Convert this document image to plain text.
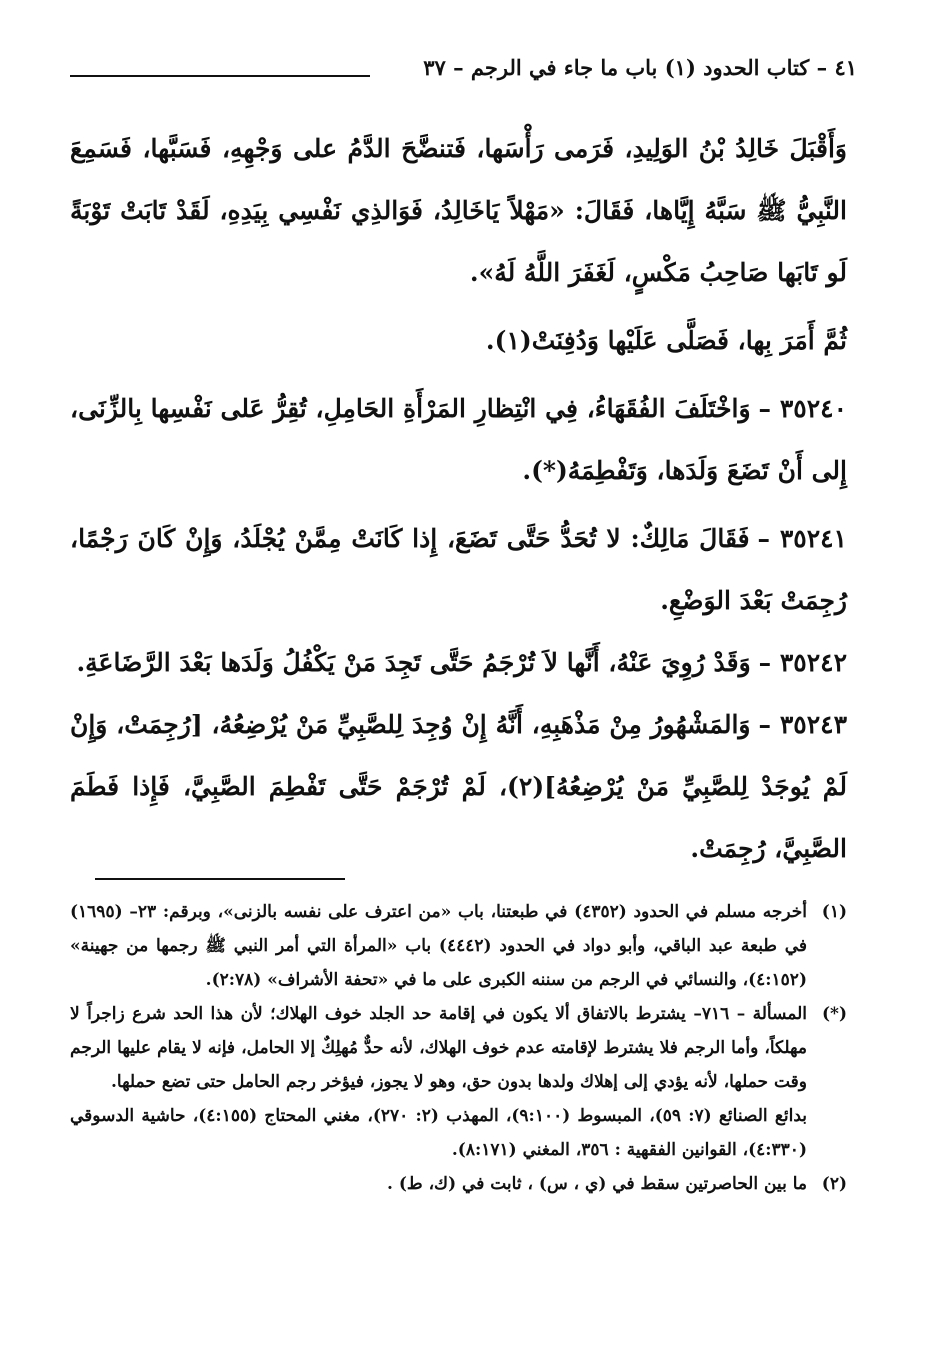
٤١ – كتاب الحدود (١) باب ما جاء في الرجم – ٣٧

وَأَقْبَلَ خَالِدُ بْنُ الوَلِيدِ، فَرَمى رَأْسَها، فَتنضَّحَ الدَّمُ على وَجْهِهِ، فَسَبَّها، فَسَمِعَ النَّبِيُّ ﷺ سَبَّهُ إِيَّاها، فَقَالَ: «مَهْلاً يَاخَالِدُ، فَوَالذِي نَفْسِي بِيَدِهِ، لَقَدْ تَابَتْ تَوْبَةً لَو تَابَها صَاحِبُ مَكْسٍ، لَغَفَرَ اللَّهُ لَهُ».

ثُمَّ أَمَرَ بِها، فَصَلَّى عَلَيْها وَدُفِنَتْ(١).

٣٥٢٤٠ –وَاخْتَلَفَ الفُقَهَاءُ، فِي انْتِظارِ المَرْأَةِ الحَامِلِ، تُقِرُّ عَلى نَفْسِها بِالزِّنَى، إِلى أَنْ تَضَعَ وَلَدَها، وَتَفْطِمَهُ(*).

٣٥٢٤١ –فَقَالَ مَالِكٌ: لا تُحَدُّ حَتَّى تَضَعَ، إِذا كَانَتْ مِمَّنْ يُجْلَدُ، وَإِنْ كَانَ رَجْمًا، رُجِمَتْ بَعْدَ الوَضْعِ.

٣٥٢٤٢ –وَقَدْ رُوِيَ عَنْهُ، أَنَّها لاَ تُرْجَمُ حَتَّى تَجِدَ مَنْ يَكْفُلُ وَلَدَها بَعْدَ الرَّضَاعَةِ.

٣٥٢٤٣ –وَالمَشْهُورُ مِنْ مَذْهَبِهِ، أَنَّهُ إِنْ وُجِدَ لِلصَّبِيِّ مَنْ يُرْضِعُهُ، [رُجِمَتْ، وَإِنْ لَمْ يُوجَدْ لِلصَّبِيِّ مَنْ يُرْضِعُهُ](٢)، لَمْ تُرْجَمْ حَتَّى تَفْطِمَ الصَّبِيَّ، فَإِذا فَطَمَ الصَّبِيَّ، رُجِمَتْ.

(١)
أخرجه مسلم في الحدود (٤٣٥٢) في طبعتنا، باب «من اعترف على نفسه بالزنى»، وبرقم: ٢٣– (١٦٩٥) في طبعة عبد الباقي، وأبو دواد في الحدود (٤٤٤٢) باب «المرأة التي أمر النبي ﷺ رجمها من جهينة» (٤:١٥٢)، والنسائي في الرجم من سننه الكبرى على ما في «تحفة الأشراف» (٢:٧٨).
(*)
المسألة – ٧١٦– يشترط بالاتفاق ألا يكون في إقامة حد الجلد خوف الهلاك؛ لأن هذا الحد شرع زاجراً لا مهلكاً، وأما الرجم فلا يشترط لإقامته عدم خوف الهلاك، لأنه حدٌّ مُهلِكٌ إلا الحامل، فإنه لا يقام عليها الرجم وقت حملها، لأنه يؤدي إلى إهلاك ولدها بدون حق، وهو لا يجوز، فيؤخر رجم الحامل حتى تضع حملها.
بدائع الصنائع (٧: ٥٩)، المبسوط (٩:١٠٠)، المهذب (٢: ٢٧٠)، مغني المحتاج (٤:١٥٥)، حاشية الدسوقي (٤:٣٣٠)، القوانين الفقهية : ٣٥٦، المغني (٨:١٧١).
(٢)
ما بين الحاصرتين سقط في (ي ، س) ، ثابت في (ك، ط) .
